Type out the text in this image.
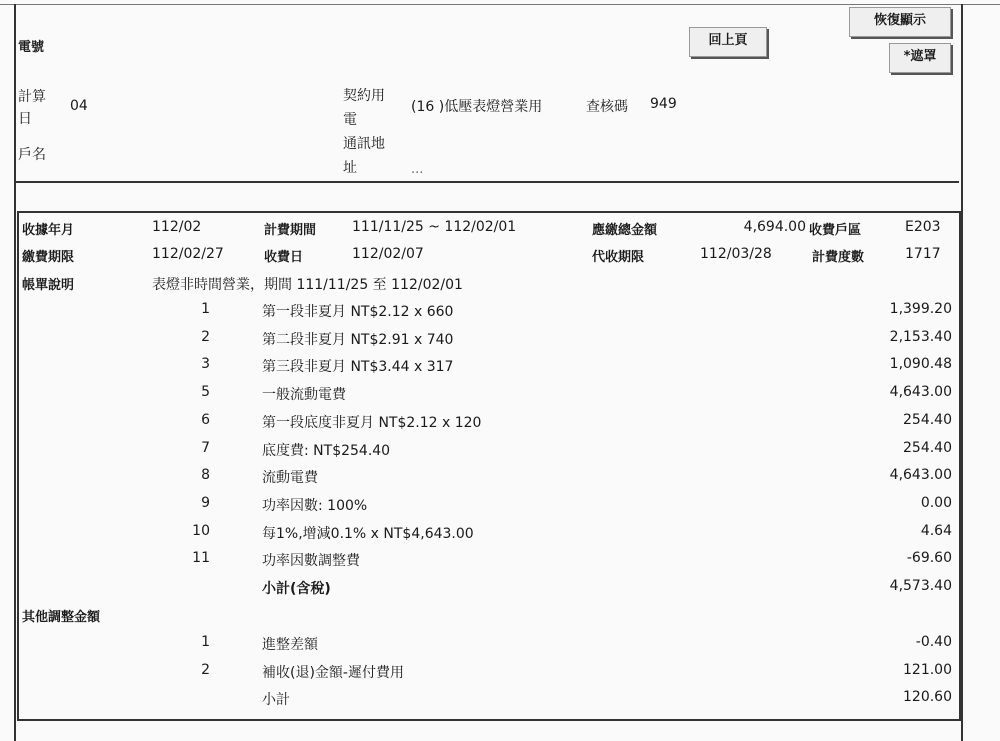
電號
計算
日
04
戶名
契約用
電
(16 )低壓表燈營業用	查核碼 949
通訊地
址	...
回上頁
恢復顯示
*遮罩
收據年月	112/02	計費期間	111/11/25 ~ 112/02/01	應繳總金額	4,694.00 收費戶區	E203
繳費期限	112/02/27	收費日	112/02/07	代收期限	112/03/28	計費度數	1717
帳單說明	表燈非時間營業，期間 111/11/25 至 112/02/01
1	第一段非夏月 NT$2.12 x 660	1,399.20
2	第二段非夏月 NT$2.91 x 740	2,153.40
3	第三段非夏月 NT$3.44 x 317	1,090.48
5	一般流動電費	4,643.00
6	第一段底度非夏月 NT$2.12 x 120	254.40
7	底度費: NT$254.40	254.40
8	流動電費	4,643.00
9	功率因數: 100%	0.00
10	每1%,增減0.1% x NT$4,643.00	4.64
11	功率因數調整費	-69.60
小計(含稅)	4,573.40
其他調整金額
1	進整差額	-0.40
2	補收(退)金額-遲付費用	121.00
小計	120.60
